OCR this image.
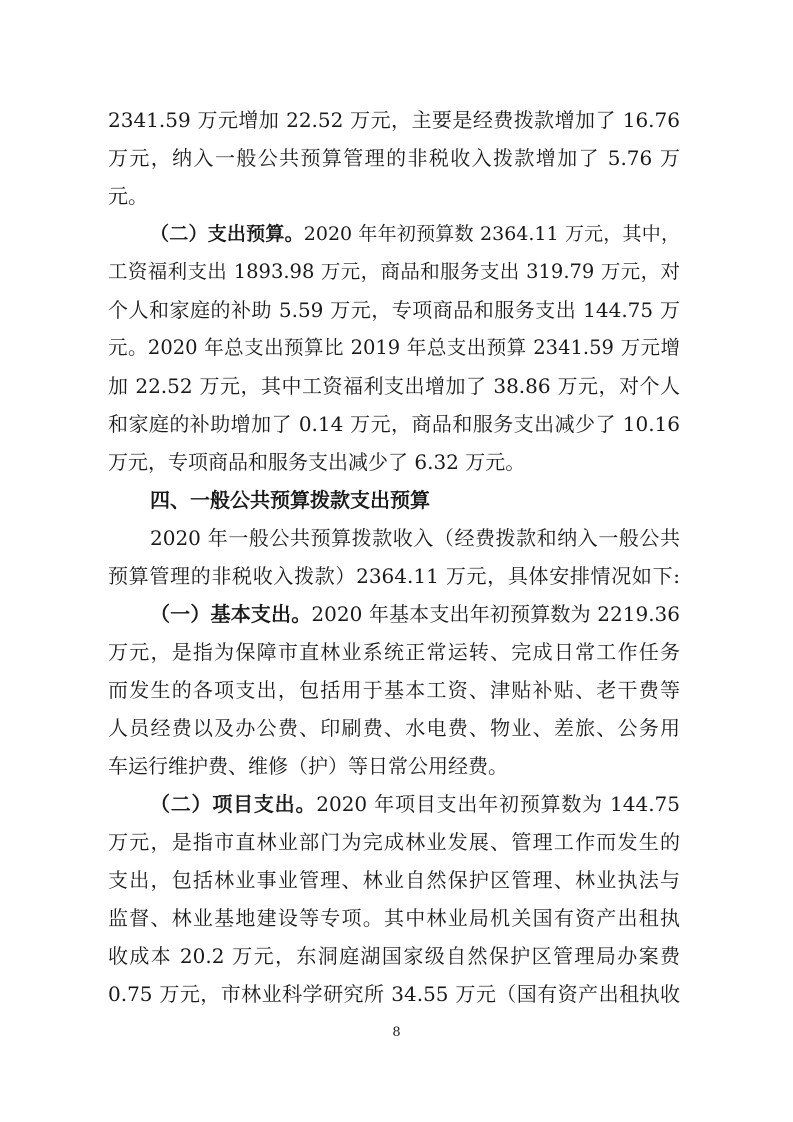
2341.59 万元增加 22.52 万元，主要是经费拨款增加了 16.76
万元，纳入一般公共预算管理的非税收入拨款增加了 5.76 万
元。
（二）支出预算。2020 年年初预算数 2364.11 万元，其中，
工资福利支出 1893.98 万元，商品和服务支出 319.79 万元，对
个人和家庭的补助 5.59 万元，专项商品和服务支出 144.75 万
元。2020 年总支出预算比 2019 年总支出预算 2341.59 万元增
加 22.52 万元，其中工资福利支出增加了 38.86 万元，对个人
和家庭的补助增加了 0.14 万元，商品和服务支出减少了 10.16
万元，专项商品和服务支出减少了 6.32 万元。
四、一般公共预算拨款支出预算
2020 年一般公共预算拨款收入（经费拨款和纳入一般公共
预算管理的非税收入拨款）2364.11 万元，具体安排情况如下:
（一）基本支出。2020 年基本支出年初预算数为 2219.36
万元，是指为保障市直林业系统正常运转、完成日常工作任务
而发生的各项支出，包括用于基本工资、津贴补贴、老干费等
人员经费以及办公费、印刷费、水电费、物业、差旅、公务用
车运行维护费、维修（护）等日常公用经费。
（二）项目支出。2020 年项目支出年初预算数为 144.75
万元，是指市直林业部门为完成林业发展、管理工作而发生的
支出，包括林业事业管理、林业自然保护区管理、林业执法与
监督、林业基地建设等专项。其中林业局机关国有资产出租执
收成本 20.2 万元，东洞庭湖国家级自然保护区管理局办案费
0.75 万元，市林业科学研究所 34.55 万元（国有资产出租执收
8
